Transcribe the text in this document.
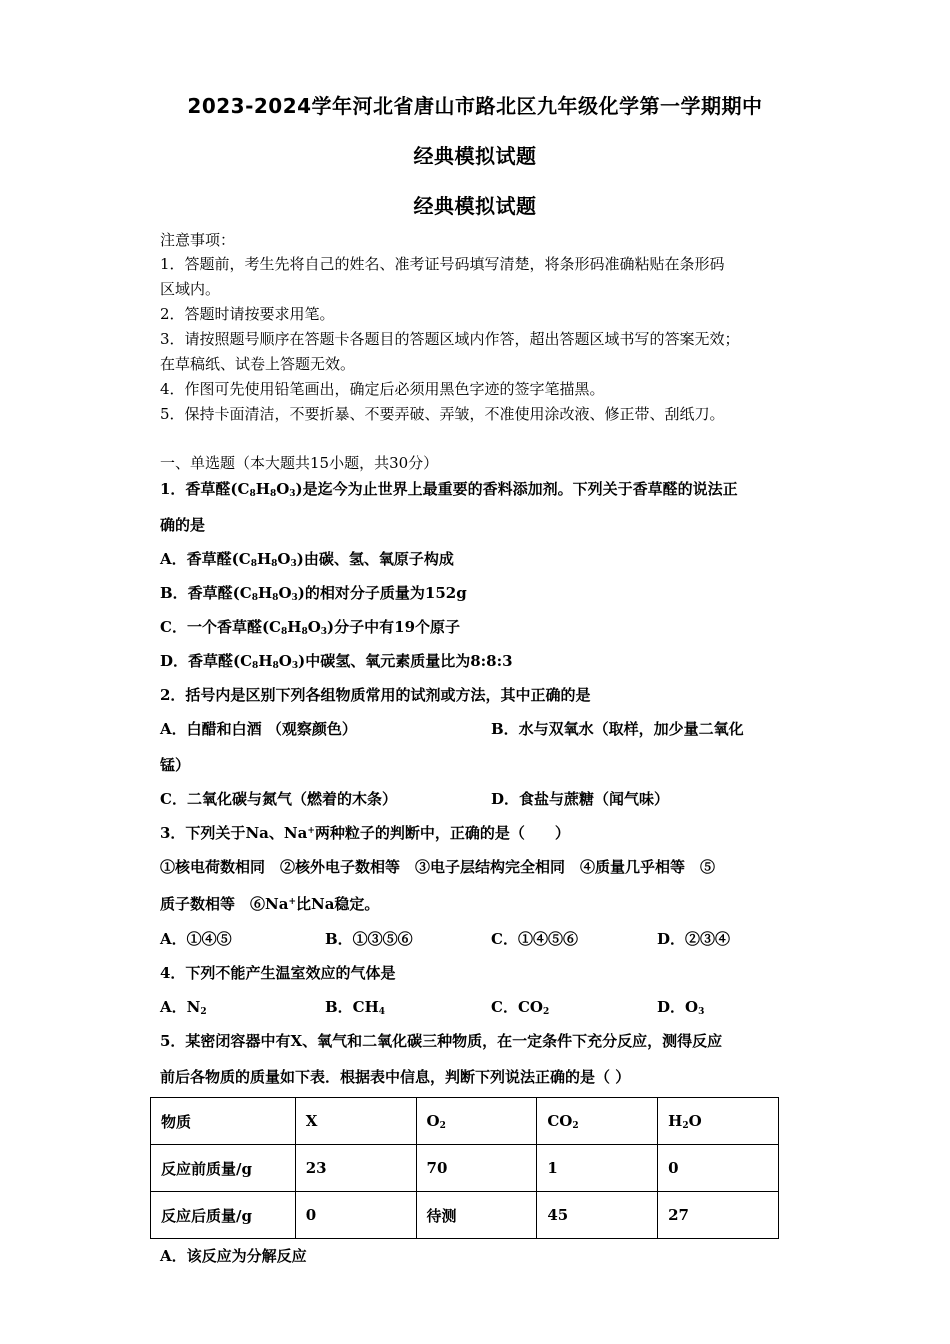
2023-2024学年河北省唐山市路北区九年级化学第一学期期中
经典模拟试题
经典模拟试题
注意事项：
1．答题前，考生先将自己的姓名、准考证号码填写清楚，将条形码准确粘贴在条形码
区域内。
2．答题时请按要求用笔。
3．请按照题号顺序在答题卡各题目的答题区域内作答，超出答题区域书写的答案无效；
在草稿纸、试卷上答题无效。
4．作图可先使用铅笔画出，确定后必须用黑色字迹的签字笔描黑。
5．保持卡面清洁，不要折暴、不要弄破、弄皱，不准使用涂改液、修正带、刮纸刀。
一、单选题（本大题共15小题，共30分）
1．香草醛$(C_8H_8O_3)$是迄今为止世界上最重要的香料添加剂。下列关于香草醛的说法正
确的是
A．香草醛$(C_8H_8O_3)$由碳、氢、氧原子构成
B．香草醛$(C_8H_8O_3)$的相对分子质量为152g
C．一个香草醛$(C_8H_8O_3)$分子中有19个原子
D．香草醛$(C_8H_8O_3)$中碳氢、氧元素质量比为8:8:3
2．括号内是区别下列各组物质常用的试剂或方法，其中正确的是
A．白醋和白酒 （观察颜色）	B．水与双氧水（取样，加少量二氧化
锰）
C．二氧化碳与氮气（燃着的木条）	D．食盐与蔗糖（闻气味）
3．下列关于Na、Na+两种粒子的判断中，正确的是（　　）
①核电荷数相同　②核外电子数相等　③电子层结构完全相同　④质量几乎相等　⑤
质子数相等　⑥Na+比Na稳定。
A．①④⑤	B．①③⑤⑥	C．①④⑤⑥	D．②③④
4．下列不能产生温室效应的气体是
A．$N_2$	B．$CH_4$	C．$CO_2$	D．$O_3$
5．某密闭容器中有X、氧气和二氧化碳三种物质，在一定条件下充分反应，测得反应
前后各物质的质量如下表．根据表中信息，判断下列说法正确的是（ ）
物质	X	$O_2$	$CO_2$	$H_2O$
反应前质量/g	23	70	1	0
反应后质量/g	0	待测	45	27
A．该反应为分解反应
